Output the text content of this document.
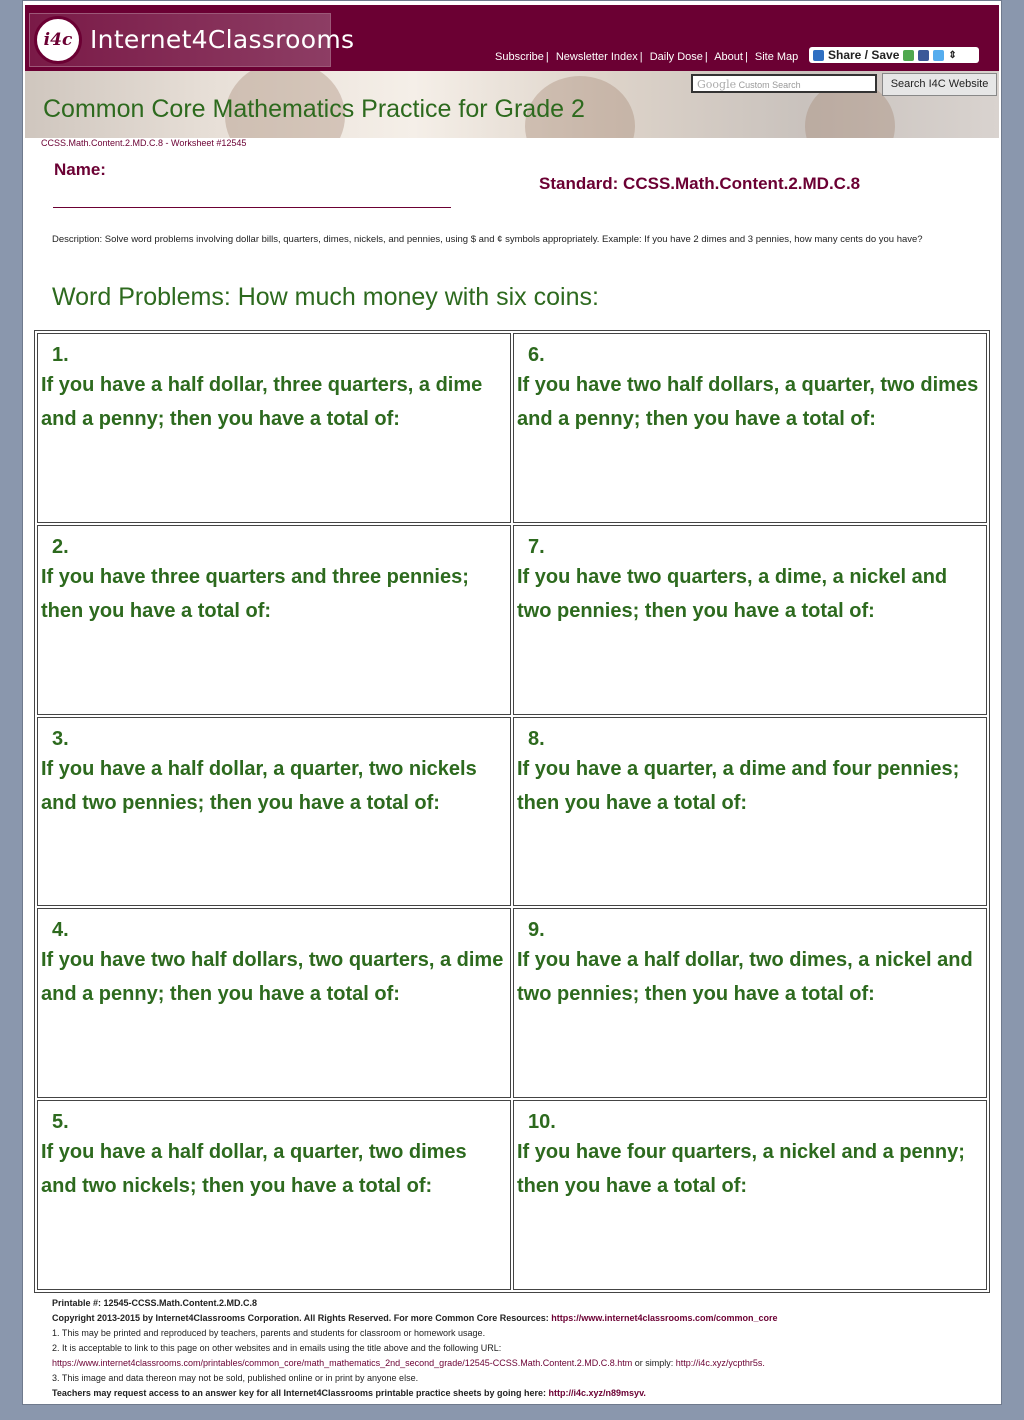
i4c Internet4Classrooms
Subscribe | Newsletter Index | Daily Dose | About | Site Map Share / Save	⇕
Google Custom Search	Search I4C Website
Common Core Mathematics Practice for Grade 2
CCSS.Math.Content.2.MD.C.8 - Worksheet #12545
Name:
Standard: CCSS.Math.Content.2.MD.C.8
Description: Solve word problems involving dollar bills, quarters, dimes, nickels, and pennies, using $ and ¢ symbols appropriately. Example: If you have 2 dimes and 3 pennies, how many cents do you have?
Word Problems: How much money with six coins:
1.
If you have a half dollar, three quarters, a dime and a penny; then you have a total of:
6.
If you have two half dollars, a quarter, two dimes and a penny; then you have a total of:
2.
If you have three quarters and three pennies; then you have a total of:
7.
If you have two quarters, a dime, a nickel and two pennies; then you have a total of:
3.
If you have a half dollar, a quarter, two nickels and two pennies; then you have a total of:
8.
If you have a quarter, a dime and four pennies; then you have a total of:
4.
If you have two half dollars, two quarters, a dime and a penny; then you have a total of:
9.
If you have a half dollar, two dimes, a nickel and two pennies; then you have a total of:
5.
If you have a half dollar, a quarter, two dimes and two nickels; then you have a total of:
10.
If you have four quarters, a nickel and a penny; then you have a total of:
Printable #: 12545-CCSS.Math.Content.2.MD.C.8
Copyright 2013-2015 by Internet4Classrooms Corporation. All Rights Reserved. For more Common Core Resources: https://www.internet4classrooms.com/common_core
1. This may be printed and reproduced by teachers, parents and students for classroom or homework usage.
2. It is acceptable to link to this page on other websites and in emails using the title above and the following URL:
https://www.internet4classrooms.com/printables/common_core/math_mathematics_2nd_second_grade/12545-CCSS.Math.Content.2.MD.C.8.htm or simply: http://i4c.xyz/ycpthr5s.
3. This image and data thereon may not be sold, published online or in print by anyone else.
Teachers may request access to an answer key for all Internet4Classrooms printable practice sheets by going here: http://i4c.xyz/n89msyv.
